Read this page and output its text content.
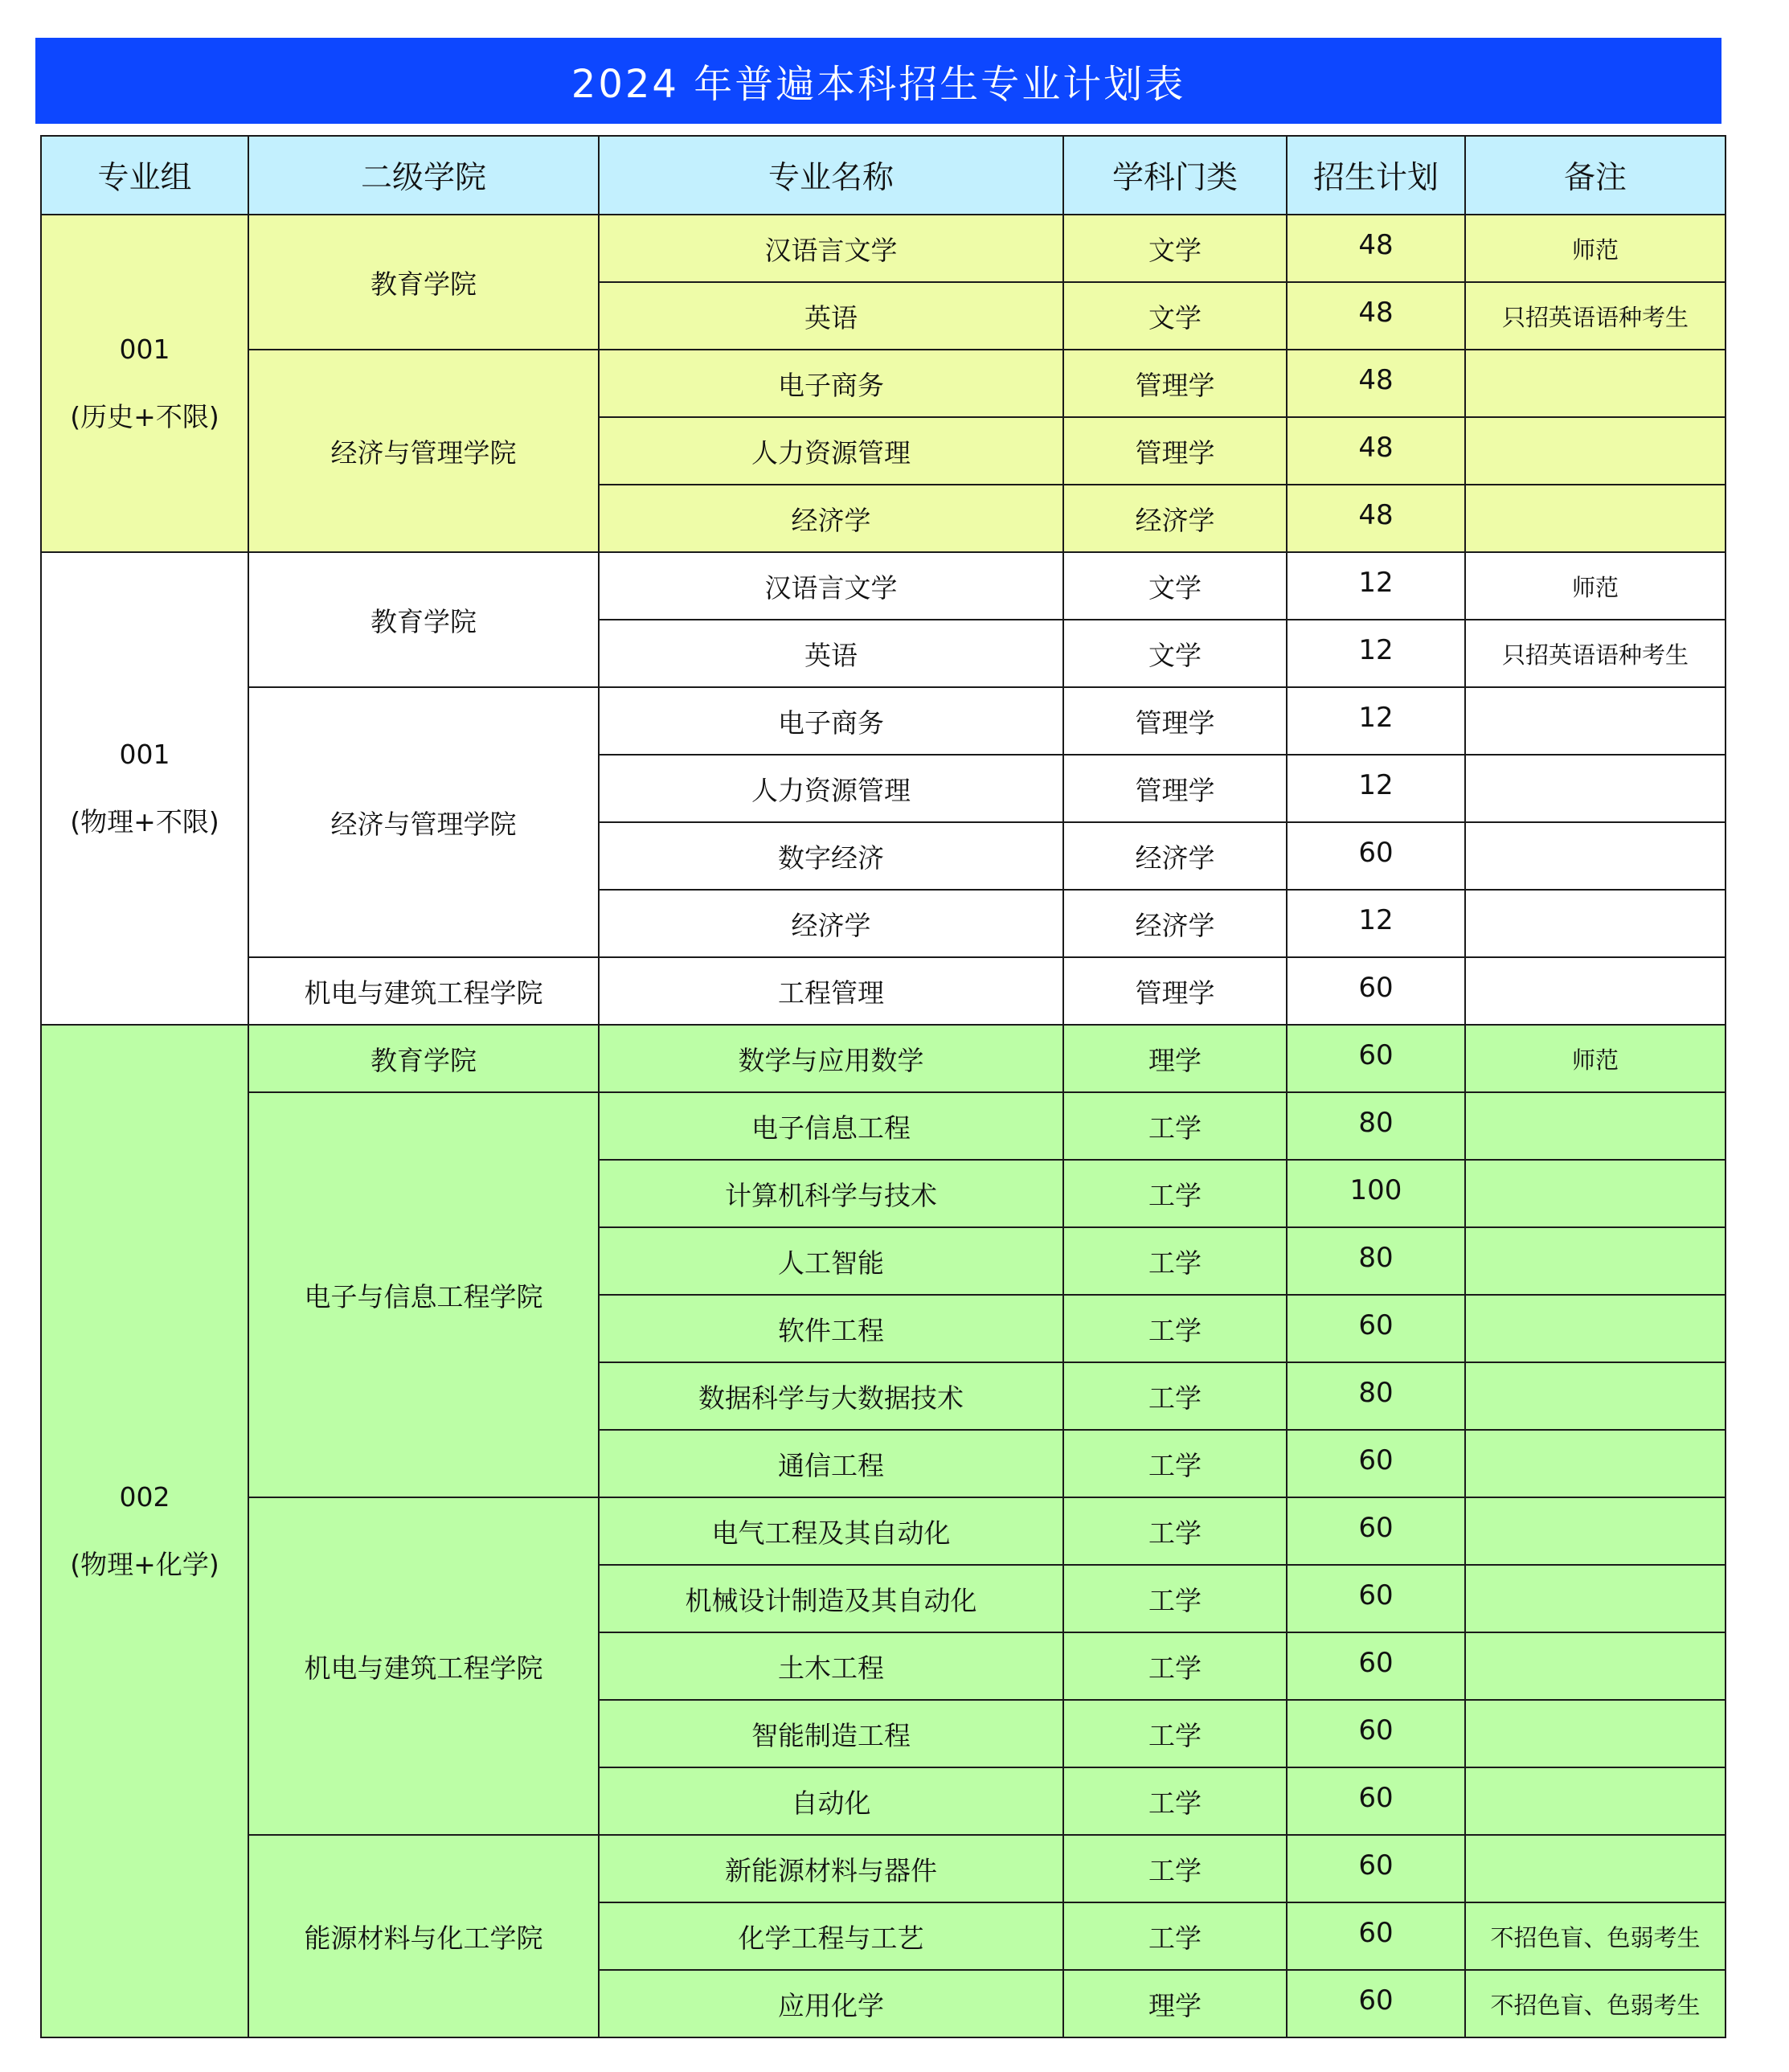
2024 年普遍本科招生专业计划表
专业组	二级学院	专业名称	学科门类	招生计划	备注

001
(历史+不限)	教育学院	汉语言文学	文学	48	师范
		英语	文学	48	只招英语语种考生
	经济与管理学院	电子商务	管理学	48	
		人力资源管理	管理学	48	
		经济学	经济学	48	

001
(物理+不限)	教育学院	汉语言文学	文学	12	师范
		英语	文学	12	只招英语语种考生
	经济与管理学院	电子商务	管理学	12	
		人力资源管理	管理学	12	
		数字经济	经济学	60	
		经济学	经济学	12	
	机电与建筑工程学院	工程管理	管理学	60	

002
(物理+化学)	教育学院	数学与应用数学	理学	60	师范
	电子与信息工程学院	电子信息工程	工学	80	
		计算机科学与技术	工学	100	
		人工智能	工学	80	
		软件工程	工学	60	
		数据科学与大数据技术	工学	80	
		通信工程	工学	60	
	机电与建筑工程学院	电气工程及其自动化	工学	60	
		机械设计制造及其自动化	工学	60	
		土木工程	工学	60	
		智能制造工程	工学	60	
		自动化	工学	60	
	能源材料与化工学院	新能源材料与器件	工学	60	
		化学工程与工艺	工学	60	不招色盲、色弱考生
		应用化学	理学	60	不招色盲、色弱考生
